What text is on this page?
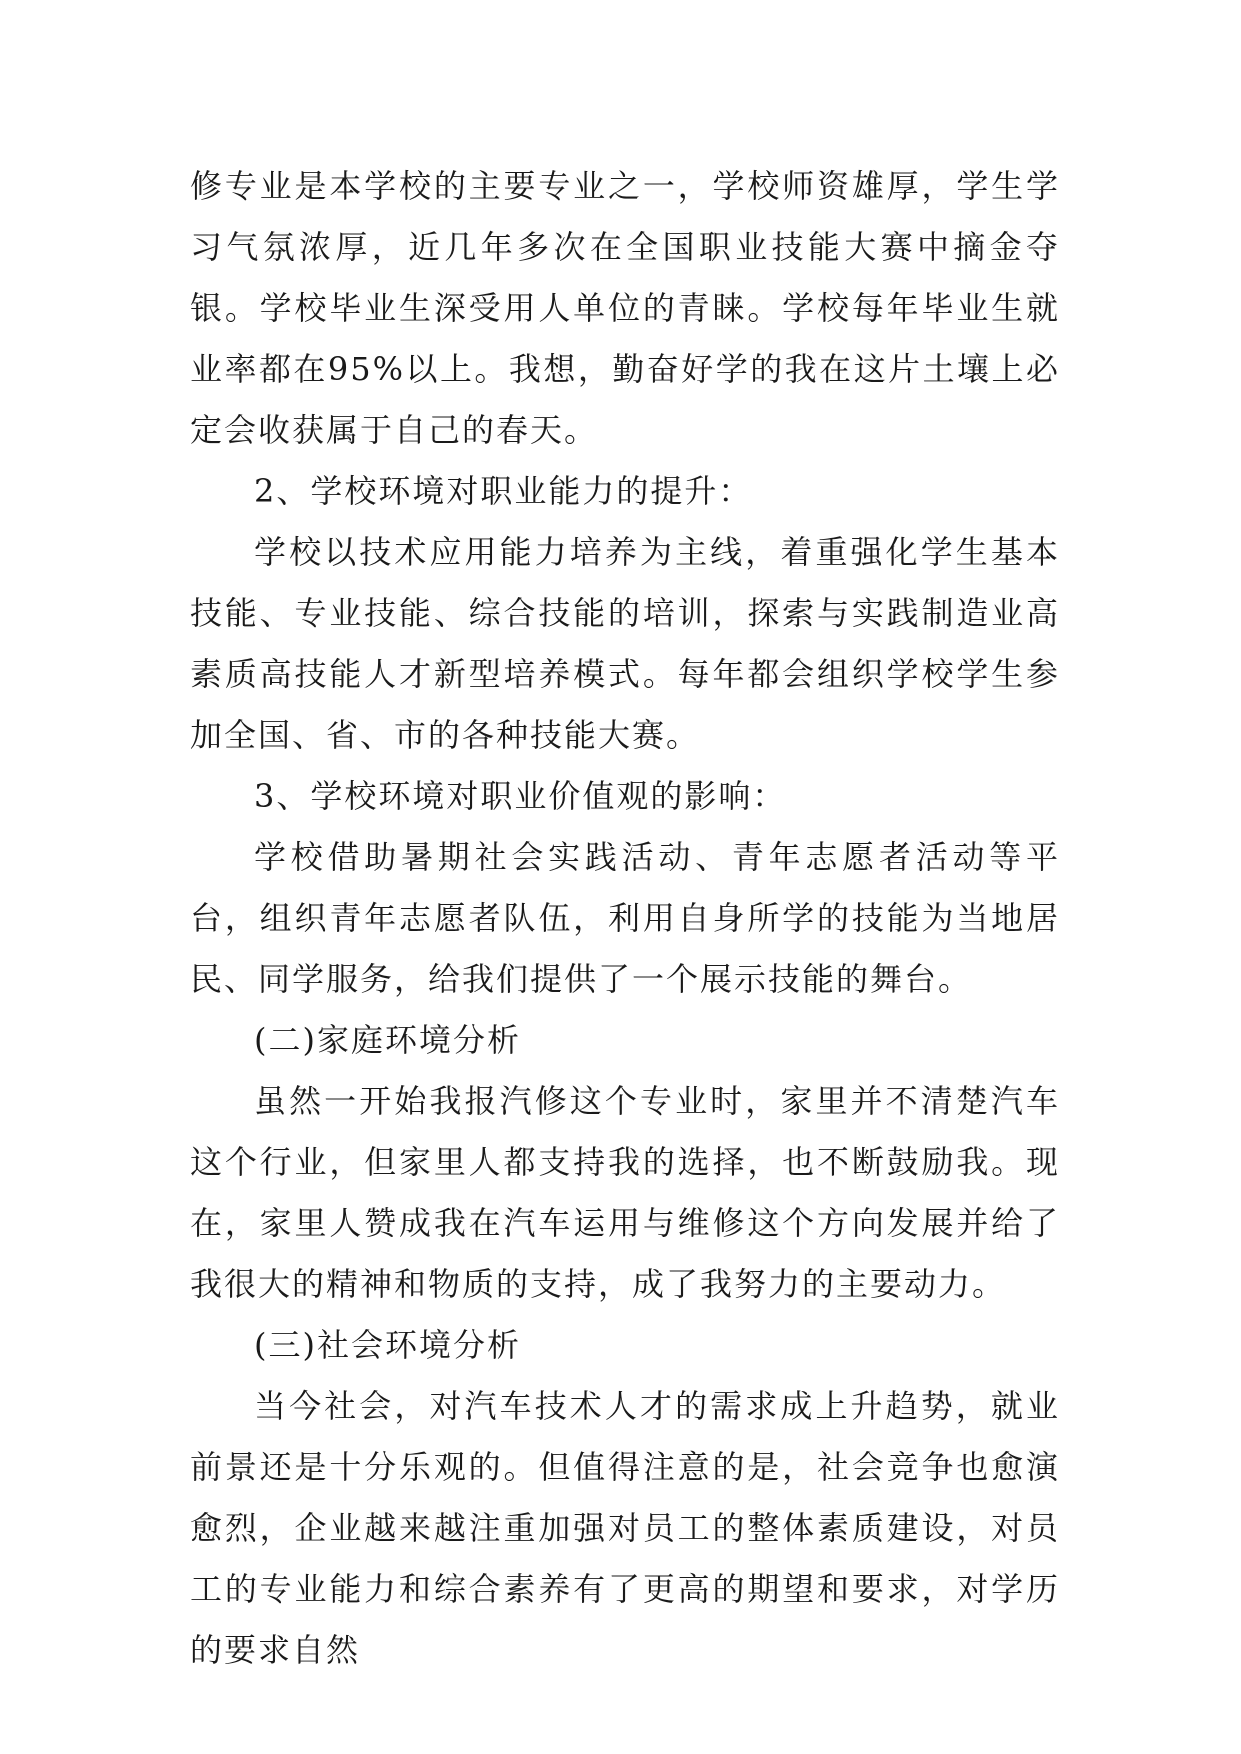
修专业是本学校的主要专业之一，学校师资雄厚，学生学习气氛浓厚，近几年多次在全国职业技能大赛中摘金夺银。学校毕业生深受用人单位的青睐。学校每年毕业生就业率都在95%以上。我想，勤奋好学的我在这片土壤上必定会收获属于自己的春天。

2、学校环境对职业能力的提升：

学校以技术应用能力培养为主线，着重强化学生基本技能、专业技能、综合技能的培训，探索与实践制造业高素质高技能人才新型培养模式。每年都会组织学校学生参加全国、省、市的各种技能大赛。

3、学校环境对职业价值观的影响：

学校借助暑期社会实践活动、青年志愿者活动等平台，组织青年志愿者队伍，利用自身所学的技能为当地居民、同学服务，给我们提供了一个展示技能的舞台。

(二)家庭环境分析

虽然一开始我报汽修这个专业时，家里并不清楚汽车这个行业，但家里人都支持我的选择，也不断鼓励我。现在，家里人赞成我在汽车运用与维修这个方向发展并给了我很大的精神和物质的支持，成了我努力的主要动力。

(三)社会环境分析

当今社会，对汽车技术人才的需求成上升趋势，就业前景还是十分乐观的。但值得注意的是，社会竞争也愈演愈烈，企业越来越注重加强对员工的整体素质建设，对员工的专业能力和综合素养有了更高的期望和要求，对学历的要求自然
